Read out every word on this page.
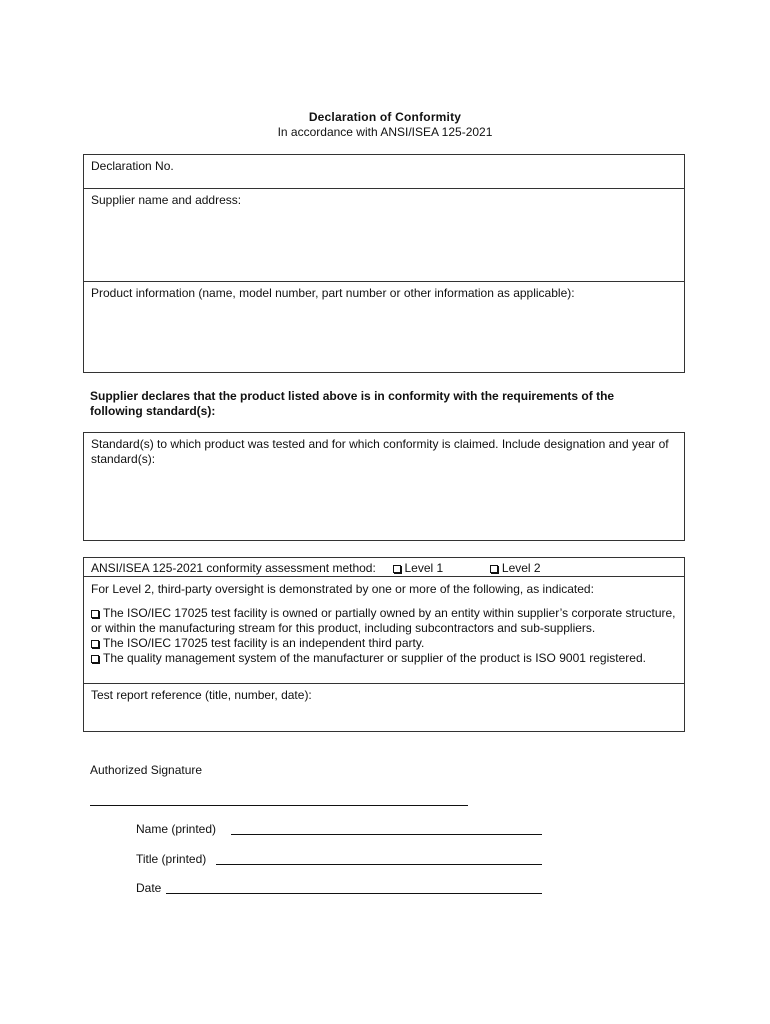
Declaration of Conformity
In accordance with ANSI/ISEA 125-2021
Declaration No.
Supplier name and address:
Product information (name, model number, part number or other information as applicable):
Supplier declares that the product listed above is in conformity with the requirements of the following standard(s):
Standard(s) to which product was tested and for which conformity is claimed. Include designation and year of standard(s):
ANSI/ISEA 125-2021 conformity assessment method: Level 1	Level 2
For Level 2, third-party oversight is demonstrated by one or more of the following, as indicated:
The ISO/IEC 17025 test facility is owned or partially owned by an entity within supplier’s corporate structure, or within the manufacturing stream for this product, including subcontractors and sub-suppliers.
The ISO/IEC 17025 test facility is an independent third party.
The quality management system of the manufacturer or supplier of the product is ISO 9001 registered.
Test report reference (title, number, date):
Authorized Signature
Name (printed)
Title (printed)
Date
